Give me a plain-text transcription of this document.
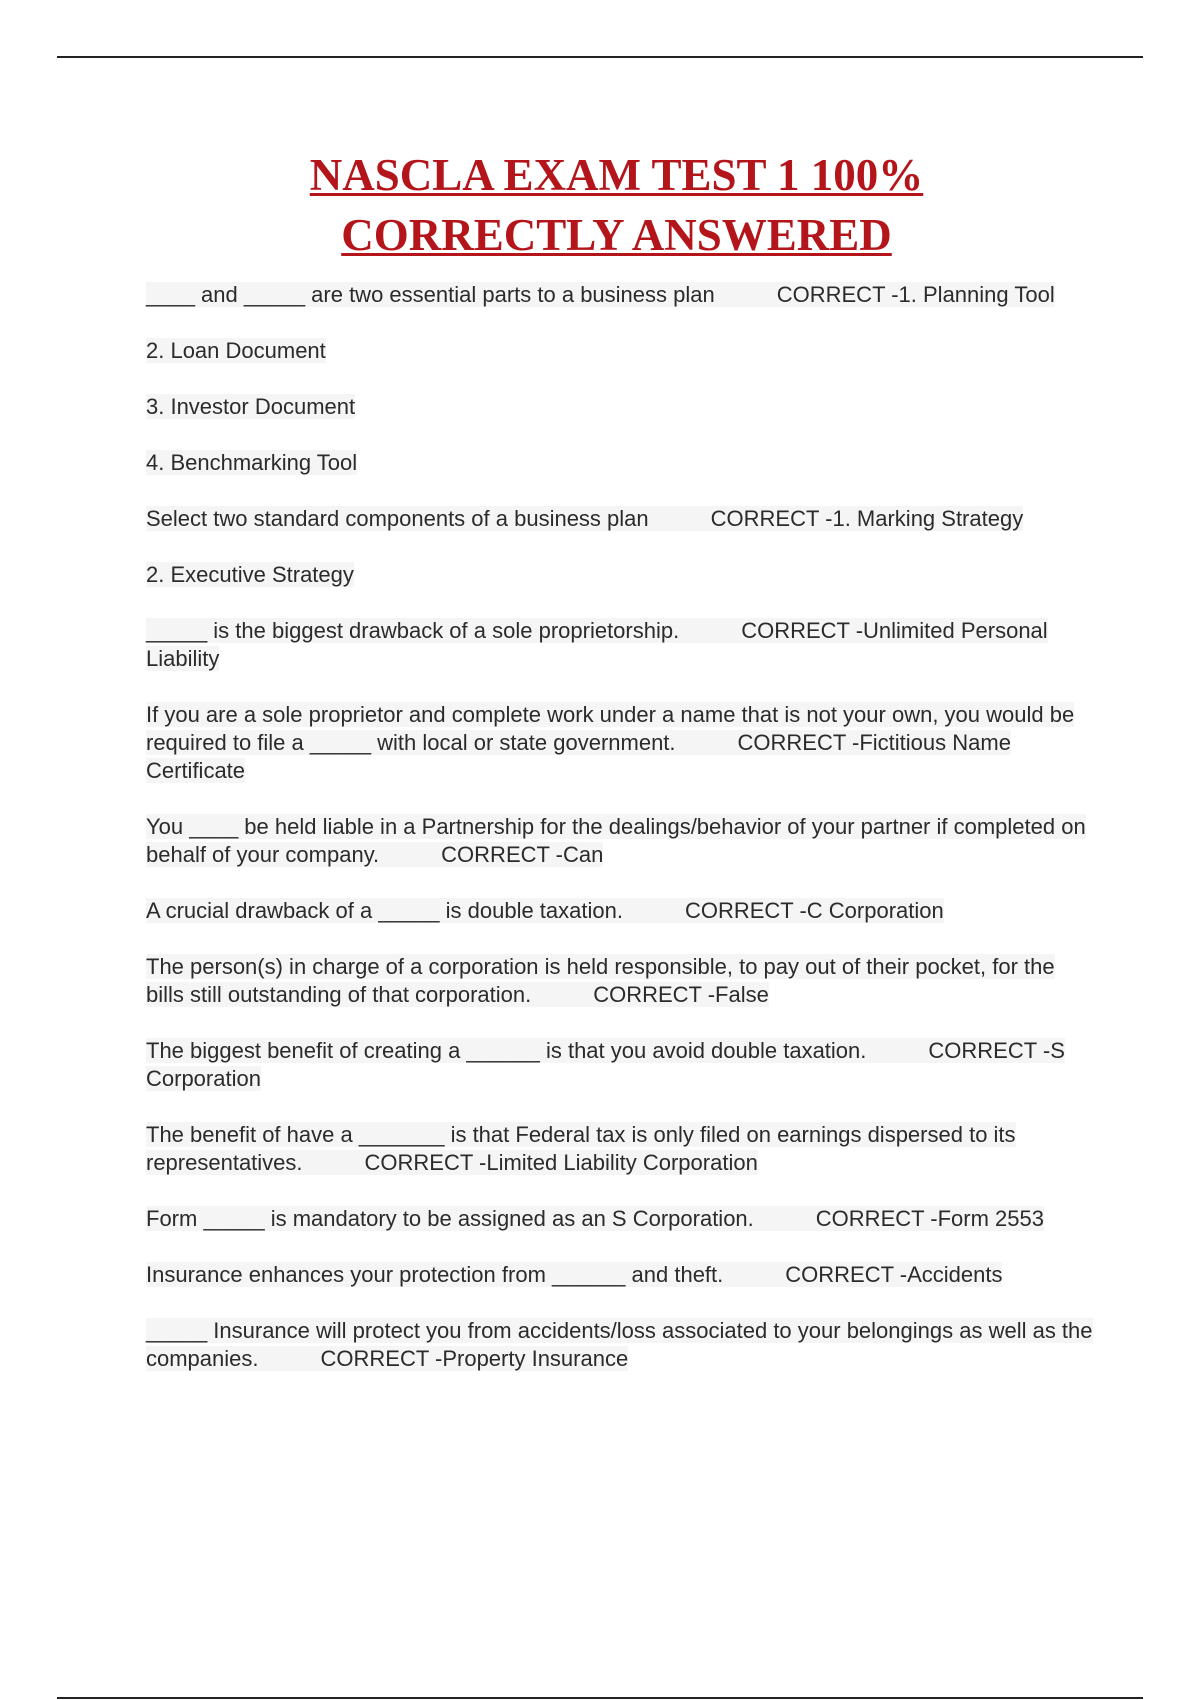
NASCLA EXAM TEST 1 100%
CORRECTLY ANSWERED

____ and _____ are two essential parts to a business plan	CORRECT -1. Planning Tool

2. Loan Document

3. Investor Document

4. Benchmarking Tool

Select two standard components of a business plan	CORRECT -1. Marking Strategy

2. Executive Strategy

_____ is the biggest drawback of a sole proprietorship.	CORRECT -Unlimited Personal Liability

If you are a sole proprietor and complete work under a name that is not your own, you would be required to file a _____ with local or state government.	CORRECT -Fictitious Name Certificate

You ____ be held liable in a Partnership for the dealings/behavior of your partner if completed on behalf of your company.	CORRECT -Can

A crucial drawback of a _____ is double taxation.	CORRECT -C Corporation

The person(s) in charge of a corporation is held responsible, to pay out of their pocket, for the bills still outstanding of that corporation.	CORRECT -False

The biggest benefit of creating a ______ is that you avoid double taxation.	CORRECT -S Corporation

The benefit of have a _______ is that Federal tax is only filed on earnings dispersed to its representatives.	CORRECT -Limited Liability Corporation

Form _____ is mandatory to be assigned as an S Corporation.	CORRECT -Form 2553

Insurance enhances your protection from ______ and theft.	CORRECT -Accidents

_____ Insurance will protect you from accidents/loss associated to your belongings as well as the companies.	CORRECT -Property Insurance
